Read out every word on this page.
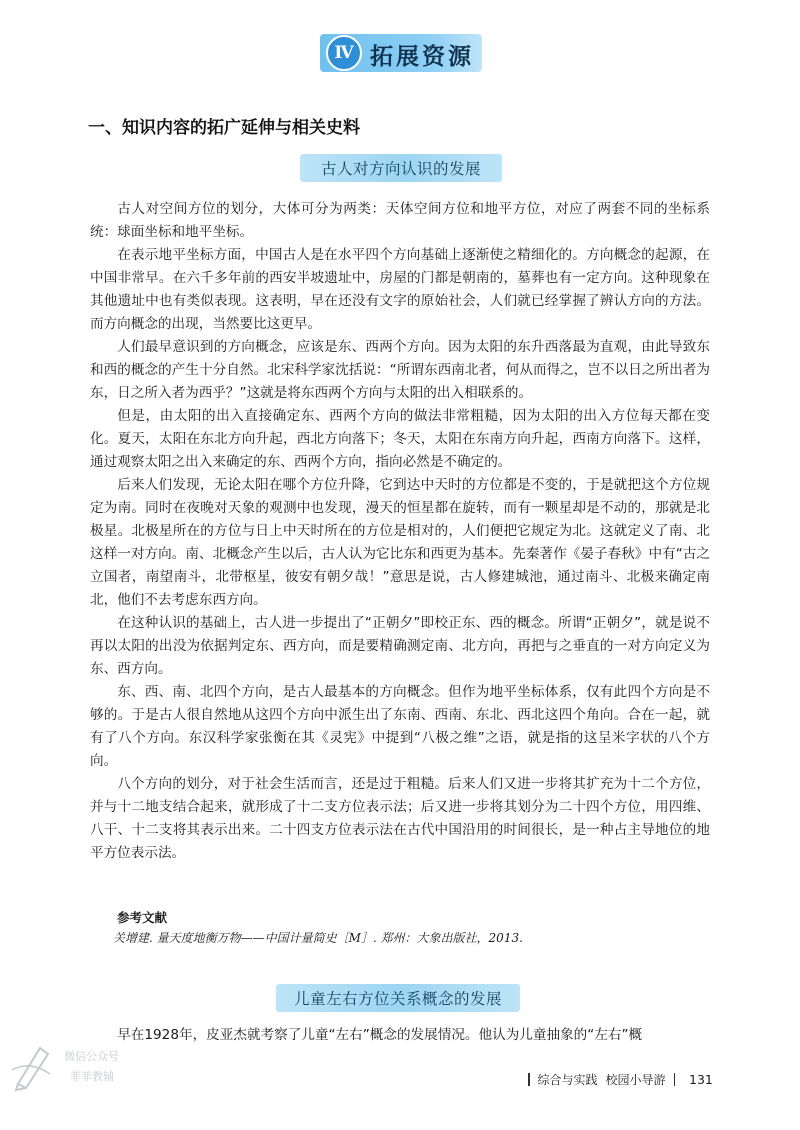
Ⅳ 拓展资源
一、知识内容的拓广延伸与相关史料
古人对方向认识的发展

古人对空间方位的划分，大体可分为两类：天体空间方位和地平方位，对应了两套不同的坐标系统：球面坐标和地平坐标。

在表示地平坐标方面，中国古人是在水平四个方向基础上逐渐使之精细化的。方向概念的起源，在中国非常早。在六千多年前的西安半坡遗址中，房屋的门都是朝南的，墓葬也有一定方向。这种现象在其他遗址中也有类似表现。这表明，早在还没有文字的原始社会，人们就已经掌握了辨认方向的方法。而方向概念的出现，当然要比这更早。

人们最早意识到的方向概念，应该是东、西两个方向。因为太阳的东升西落最为直观，由此导致东和西的概念的产生十分自然。北宋科学家沈括说：“所谓东西南北者，何从而得之，岂不以日之所出者为东，日之所入者为西乎？”这就是将东西两个方向与太阳的出入相联系的。

但是，由太阳的出入直接确定东、西两个方向的做法非常粗糙，因为太阳的出入方位每天都在变化。夏天，太阳在东北方向升起，西北方向落下；冬天，太阳在东南方向升起，西南方向落下。这样，通过观察太阳之出入来确定的东、西两个方向，指向必然是不确定的。

后来人们发现，无论太阳在哪个方位升降，它到达中天时的方位都是不变的，于是就把这个方位规定为南。同时在夜晚对天象的观测中也发现，漫天的恒星都在旋转，而有一颗星却是不动的，那就是北极星。北极星所在的方位与日上中天时所在的方位是相对的，人们便把它规定为北。这就定义了南、北这样一对方向。南、北概念产生以后，古人认为它比东和西更为基本。先秦著作《晏子春秋》中有“古之立国者，南望南斗，北带枢星，彼安有朝夕哉！”意思是说，古人修建城池，通过南斗、北极来确定南北，他们不去考虑东西方向。

在这种认识的基础上，古人进一步提出了“正朝夕”即校正东、西的概念。所谓“正朝夕”，就是说不再以太阳的出没为依据判定东、西方向，而是要精确测定南、北方向，再把与之垂直的一对方向定义为东、西方向。

东、西、南、北四个方向，是古人最基本的方向概念。但作为地平坐标体系，仅有此四个方向是不够的。于是古人很自然地从这四个方向中派生出了东南、西南、东北、西北这四个角向。合在一起，就有了八个方向。东汉科学家张衡在其《灵宪》中提到“八极之维”之语，就是指的这呈米字状的八个方向。

八个方向的划分，对于社会生活而言，还是过于粗糙。后来人们又进一步将其扩充为十二个方位，并与十二地支结合起来，就形成了十二支方位表示法；后又进一步将其划分为二十四个方位，用四维、八干、十二支将其表示出来。二十四支方位表示法在古代中国沿用的时间很长，是一种占主导地位的地平方位表示法。

参考文献
关增建. 量天度地衡万物——中国计量简史［M］. 郑州：大象出版社，2013.
儿童左右方位关系概念的发展

早在1928年，皮亚杰就考察了儿童“左右”概念的发展情况。他认为儿童抽象的“左右”概

微信公众号
菲菲教辅	综合与实践 校园小导游 131
